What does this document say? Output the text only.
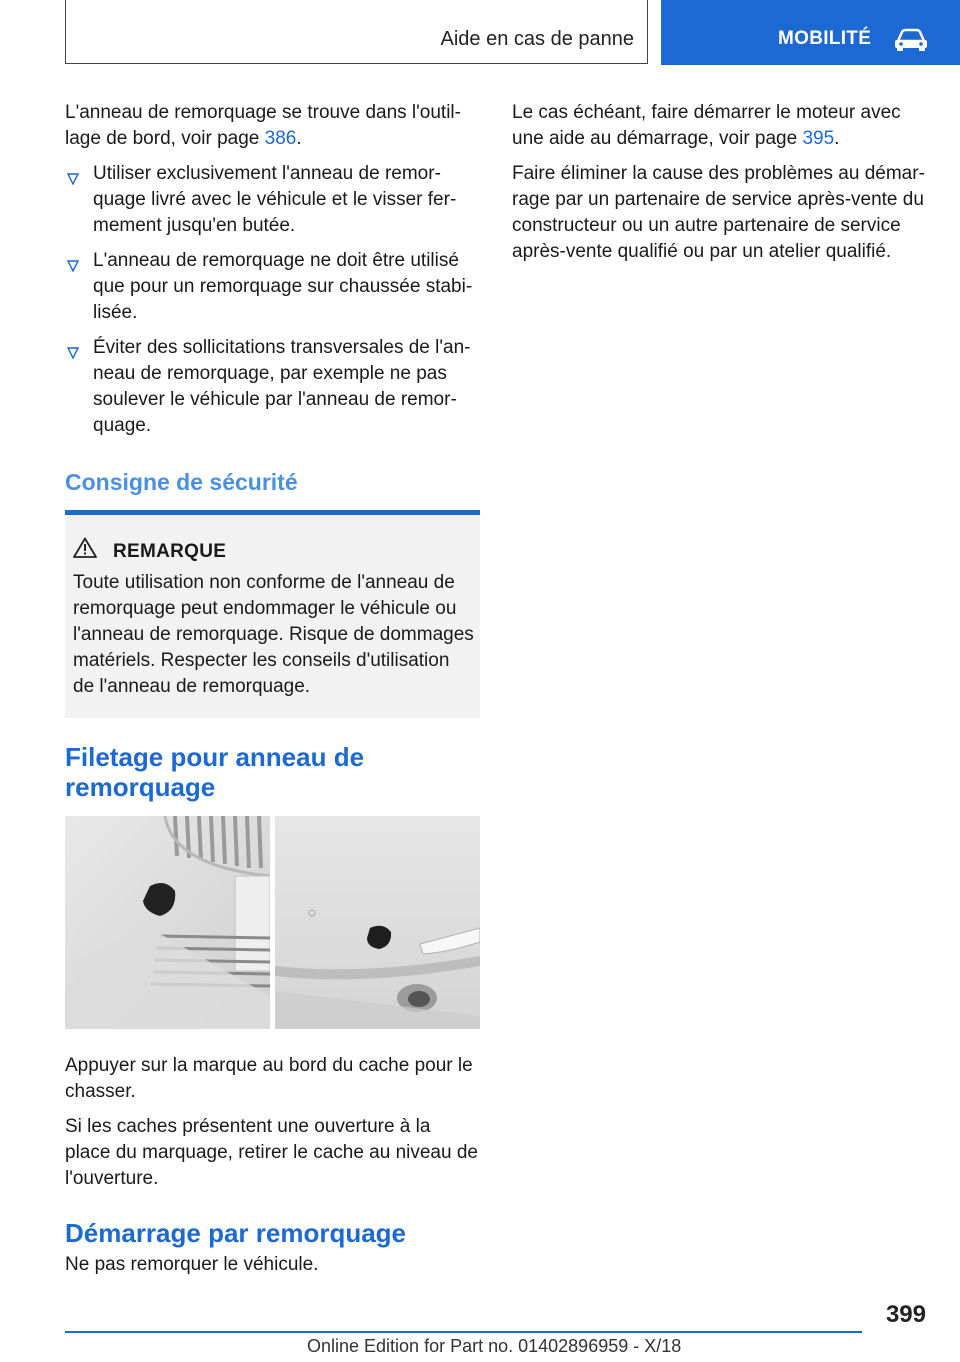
Aide en cas de panne	MOBILITÉ

L'anneau de remorquage se trouve dans l'outillage de bord, voir page 386.

Utiliser exclusivement l'anneau de remorquage livré avec le véhicule et le visser fermement jusqu'en butée.
L'anneau de remorquage ne doit être utilisé que pour un remorquage sur chaussée stabilisée.
Éviter des sollicitations transversales de l'anneau de remorquage, par exemple ne pas soulever le véhicule par l'anneau de remorquage.
Consigne de sécurité
REMARQUE
Toute utilisation non conforme de l'anneau de remorquage peut endommager le véhicule ou l'anneau de remorquage. Risque de dommages matériels. Respecter les conseils d'utilisation de l'anneau de remorquage.
Filetage pour anneau de remorquage

Appuyer sur la marque au bord du cache pour le chasser.

Si les caches présentent une ouverture à la place du marquage, retirer le cache au niveau de l'ouverture.

Démarrage par remorquage

Ne pas remorquer le véhicule.

Le cas échéant, faire démarrer le moteur avec une aide au démarrage, voir page 395.

Faire éliminer la cause des problèmes au démarrage par un partenaire de service après-vente du constructeur ou un autre partenaire de service après-vente qualifié ou par un atelier qualifié.

399
Online Edition for Part no. 01402896959 - X/18
